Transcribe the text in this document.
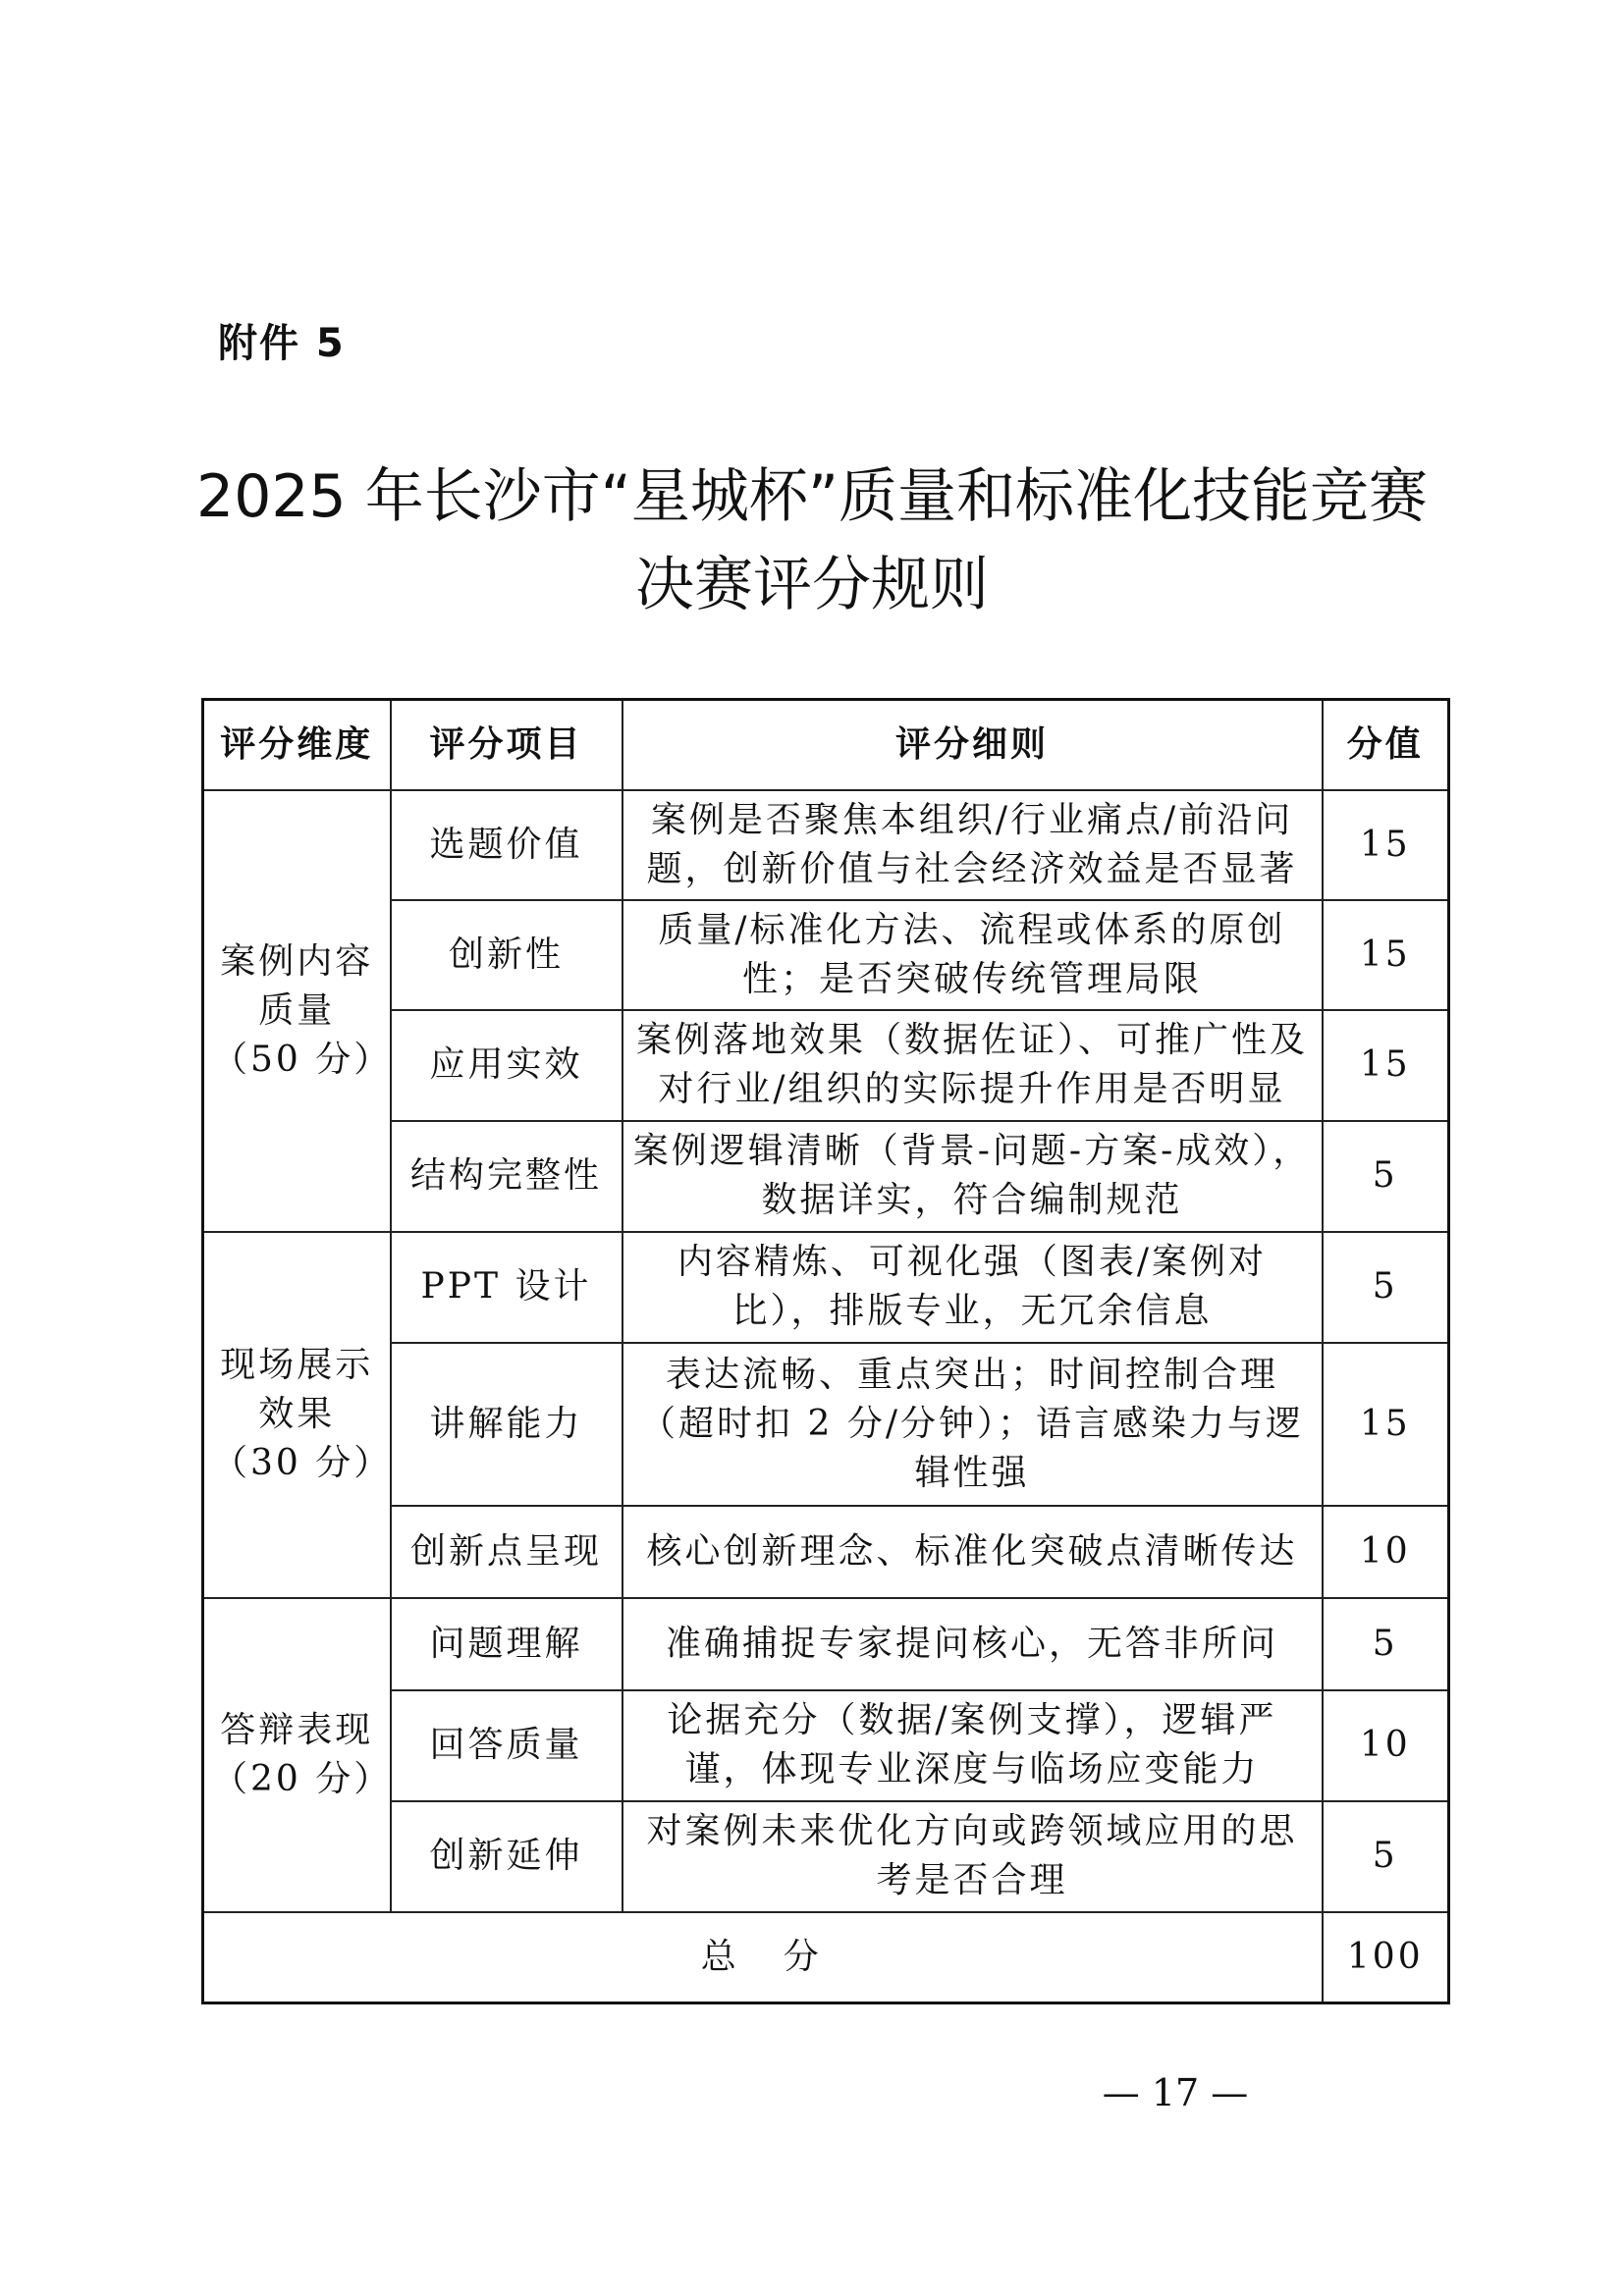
附件 5
2025 年长沙市“星城杯”质量和标准化技能竞赛
决赛评分规则
评分维度	评分项目	评分细则	分值

案例内容
质量
（50 分）	选题价值	案例是否聚焦本组织/行业痛点/前沿问题，创新价值与社会经济效益是否显著	15
	创新性	质量/标准化方法、流程或体系的原创性；是否突破传统管理局限	15
	应用实效	案例落地效果（数据佐证）、可推广性及对行业/组织的实际提升作用是否明显	15
	结构完整性	案例逻辑清晰（背景-问题-方案-成效），数据详实，符合编制规范	5

现场展示
效果
（30 分）	PPT 设计	内容精炼、可视化强（图表/案例对比），排版专业，无冗余信息	5
	讲解能力	表达流畅、重点突出；时间控制合理（超时扣 2 分/分钟）；语言感染力与逻辑性强	15
	创新点呈现	核心创新理念、标准化突破点清晰传达	10

答辩表现
（20 分）	问题理解	准确捕捉专家提问核心，无答非所问	5
	回答质量	论据充分（数据/案例支撑），逻辑严谨，体现专业深度与临场应变能力	10
	创新延伸	对案例未来优化方向或跨领域应用的思考是否合理	5
总　分			100
— 17 —
